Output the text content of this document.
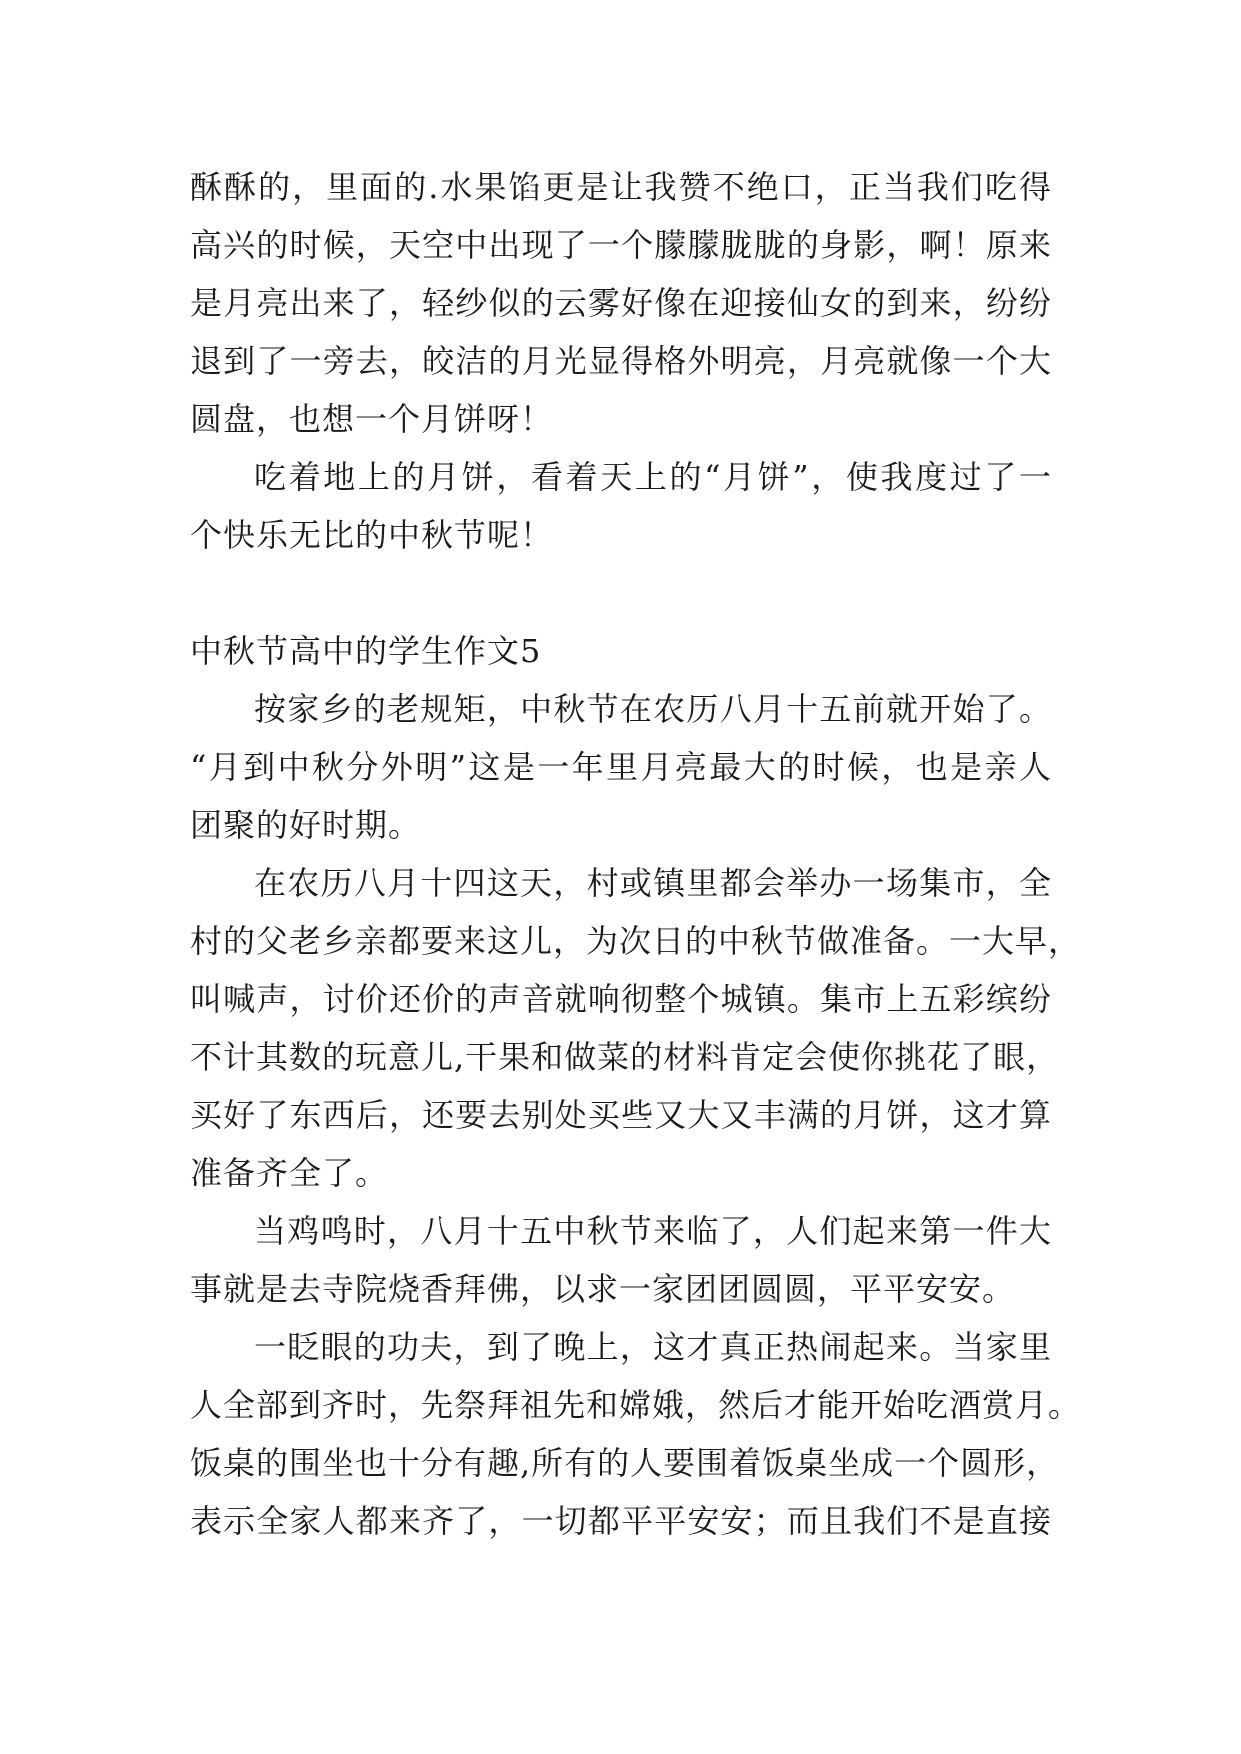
酥酥的，里面的.水果馅更是让我赞不绝口，正当我们吃得
高兴的时候，天空中出现了一个朦朦胧胧的身影，啊！原来
是月亮出来了，轻纱似的云雾好像在迎接仙女的到来，纷纷
退到了一旁去，皎洁的月光显得格外明亮，月亮就像一个大
圆盘，也想一个月饼呀！
吃着地上的月饼，看着天上的“月饼”，使我度过了一
个快乐无比的中秋节呢！
中秋节高中的学生作文5
按家乡的老规矩，中秋节在农历八月十五前就开始了。
“月到中秋分外明”这是一年里月亮最大的时候，也是亲人
团聚的好时期。
在农历八月十四这天，村或镇里都会举办一场集市，全
村的父老乡亲都要来这儿，为次日的中秋节做准备。一大早，
叫喊声，讨价还价的声音就响彻整个城镇。集市上五彩缤纷
不计其数的玩意儿,干果和做菜的材料肯定会使你挑花了眼，
买好了东西后，还要去别处买些又大又丰满的月饼，这才算
准备齐全了。
当鸡鸣时，八月十五中秋节来临了，人们起来第一件大
事就是去寺院烧香拜佛，以求一家团团圆圆，平平安安。
一眨眼的功夫，到了晚上，这才真正热闹起来。当家里
人全部到齐时，先祭拜祖先和嫦娥，然后才能开始吃酒赏月。
饭桌的围坐也十分有趣,所有的人要围着饭桌坐成一个圆形，
表示全家人都来齐了，一切都平平安安；而且我们不是直接
